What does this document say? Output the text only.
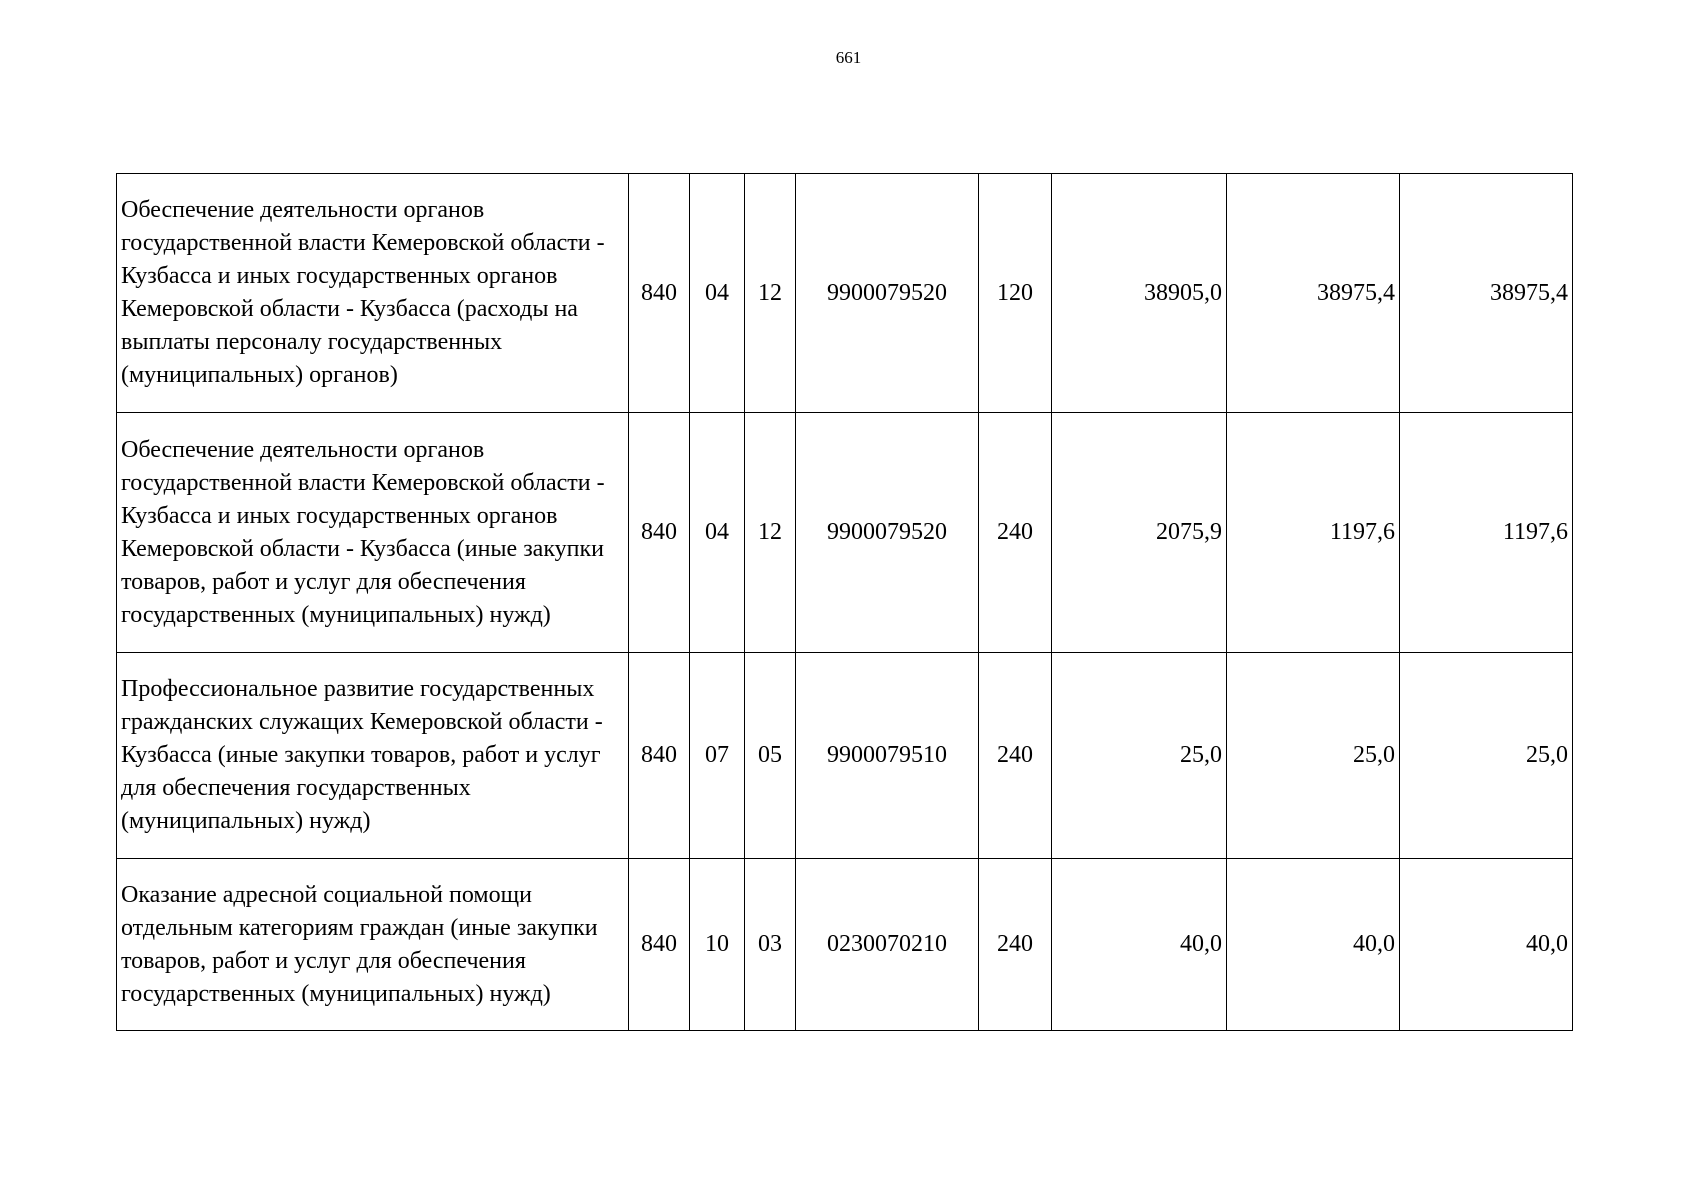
661
Обеспечение деятельности органов государственной власти Кемеровской области - Кузбасса и иных государственных органов Кемеровской области - Кузбасса (расходы на выплаты персоналу государственных (муниципальных) органов)	840	04	12	9900079520	120	38905,0	38975,4	38975,4
Обеспечение деятельности органов государственной власти Кемеровской области - Кузбасса и иных государственных органов Кемеровской области - Кузбасса (иные закупки товаров, работ и услуг для обеспечения государственных (муниципальных) нужд)	840	04	12	9900079520	240	2075,9	1197,6	1197,6
Профессиональное развитие государственных гражданских служащих Кемеровской области - Кузбасса (иные закупки товаров, работ и услуг для обеспечения государственных (муниципальных) нужд)	840	07	05	9900079510	240	25,0	25,0	25,0
Оказание адресной социальной помощи отдельным категориям граждан (иные закупки товаров, работ и услуг для обеспечения государственных (муниципальных) нужд)	840	10	03	0230070210	240	40,0	40,0	40,0
